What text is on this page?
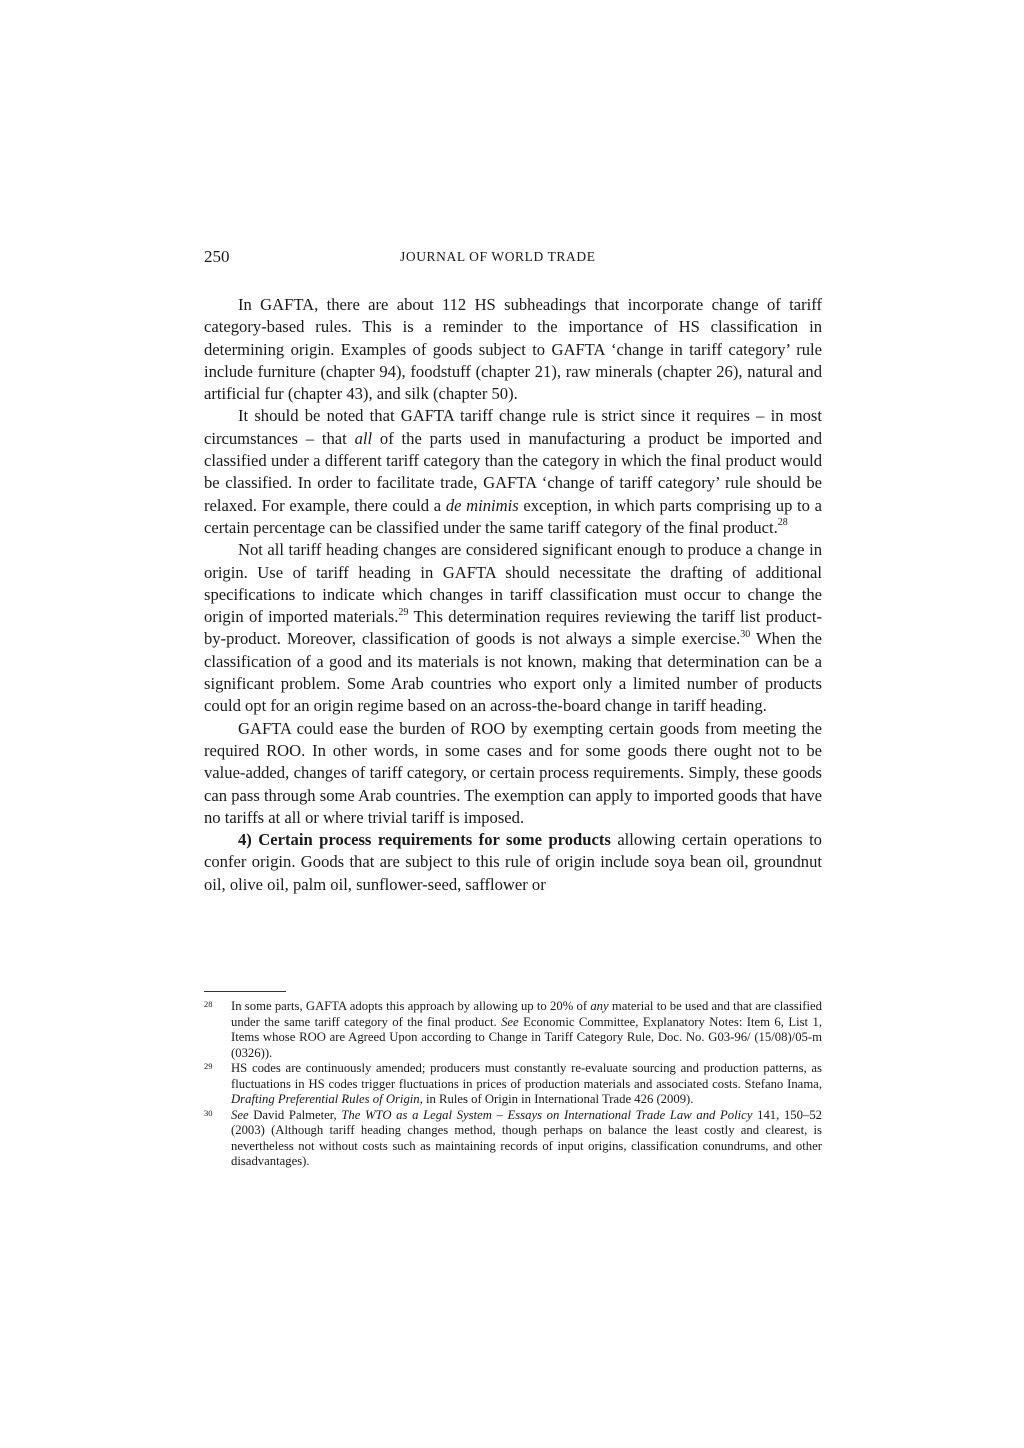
250	JOURNAL OF WORLD TRADE

In GAFTA, there are about 112 HS subheadings that incorporate change of tariff category-based rules. This is a reminder to the importance of HS classification in determining origin. Examples of goods subject to GAFTA ‘change in tariff category’ rule include furniture (chapter 94), foodstuff (chapter 21), raw minerals (chapter 26), natural and artificial fur (chapter 43), and silk (chapter 50).

It should be noted that GAFTA tariff change rule is strict since it requires – in most circumstances – that all of the parts used in manufacturing a product be imported and classified under a different tariff category than the category in which the final product would be classified. In order to facilitate trade, GAFTA ‘change of tariff category’ rule should be relaxed. For example, there could a de minimis exception, in which parts comprising up to a certain percentage can be classified under the same tariff category of the final product.$^{28}$

Not all tariff heading changes are considered significant enough to produce a change in origin. Use of tariff heading in GAFTA should necessitate the drafting of additional specifications to indicate which changes in tariff classification must occur to change the origin of imported materials.$^{29}$ This determination requires reviewing the tariff list product-by-product. Moreover, classification of goods is not always a simple exercise.$^{30}$ When the classification of a good and its materials is not known, making that determination can be a significant problem. Some Arab countries who export only a limited number of products could opt for an origin regime based on an across-the-board change in tariff heading.

GAFTA could ease the burden of ROO by exempting certain goods from meeting the required ROO. In other words, in some cases and for some goods there ought not to be value-added, changes of tariff category, or certain process requirements. Simply, these goods can pass through some Arab countries. The exemption can apply to imported goods that have no tariffs at all or where trivial tariff is imposed.

4) Certain process requirements for some products allowing certain operations to confer origin. Goods that are subject to this rule of origin include soya bean oil, groundnut oil, olive oil, palm oil, sunflower-seed, safflower or

28 In some parts, GAFTA adopts this approach by allowing up to 20% of any material to be used and that are classified under the same tariff category of the final product. See Economic Committee, Explanatory Notes: Item 6, List 1, Items whose ROO are Agreed Upon according to Change in Tariff Category Rule, Doc. No. G03-96/ (15/08)/05-m (0326)).
29 HS codes are continuously amended; producers must constantly re-evaluate sourcing and production patterns, as fluctuations in HS codes trigger fluctuations in prices of production materials and associated costs. Stefano Inama, Drafting Preferential Rules of Origin, in Rules of Origin in International Trade 426 (2009).
30 See David Palmeter, The WTO as a Legal System – Essays on International Trade Law and Policy 141, 150–52 (2003) (Although tariff heading changes method, though perhaps on balance the least costly and clearest, is nevertheless not without costs such as maintaining records of input origins, classification conundrums, and other disadvantages).
